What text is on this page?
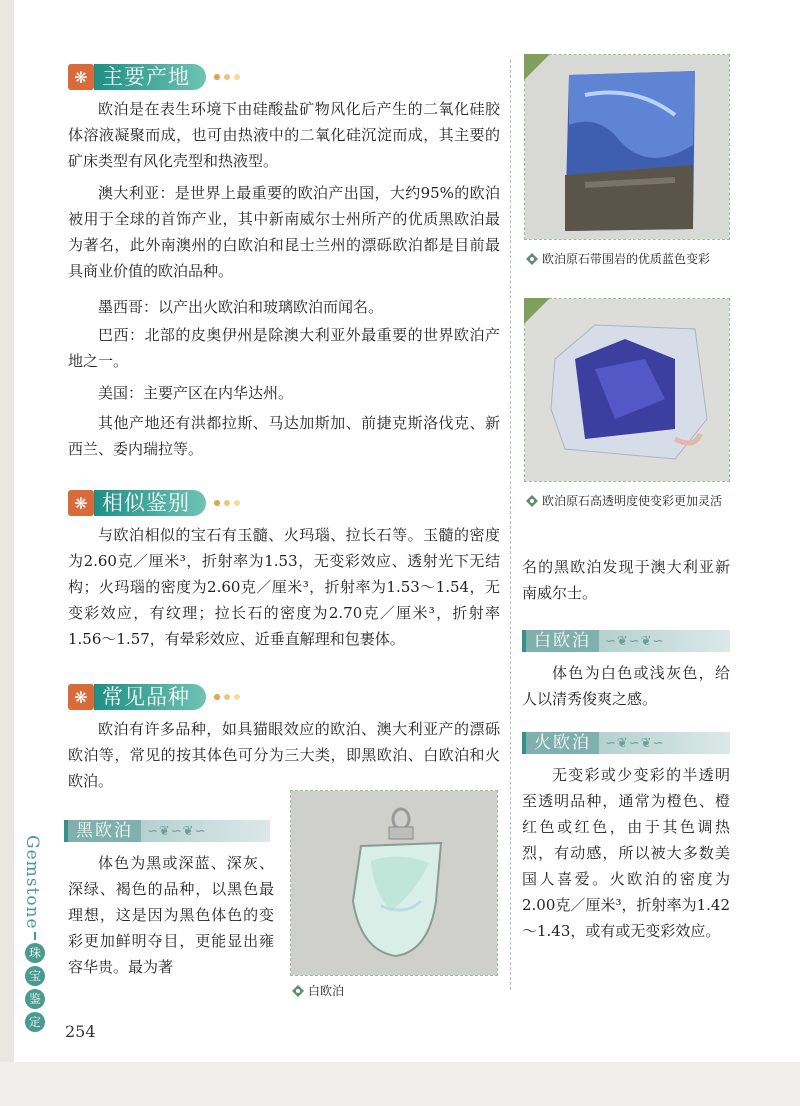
❋ 主要产地

欧泊是在表生环境下由硅酸盐矿物风化后产生的二氧化硅胶体溶液凝聚而成，也可由热液中的二氧化硅沉淀而成，其主要的矿床类型有风化壳型和热液型。

澳大利亚：是世界上最重要的欧泊产出国，大约95%的欧泊被用于全球的首饰产业，其中新南威尔士州所产的优质黑欧泊最为著名，此外南澳州的白欧泊和昆士兰州的漂砾欧泊都是目前最具商业价值的欧泊品种。

墨西哥：以产出火欧泊和玻璃欧泊而闻名。

巴西：北部的皮奥伊州是除澳大利亚外最重要的世界欧泊产地之一。

美国：主要产区在内华达州。

其他产地还有洪都拉斯、马达加斯加、前捷克斯洛伐克、新西兰、委内瑞拉等。

❋ 相似鉴别

与欧泊相似的宝石有玉髓、火玛瑙、拉长石等。玉髓的密度为2.60克／厘米³，折射率为1.53，无变彩效应、透射光下无结构；火玛瑙的密度为2.60克／厘米³，折射率为1.53～1.54，无变彩效应，有纹理；拉长石的密度为2.70克／厘米³，折射率1.56～1.57，有晕彩效应、近垂直解理和包裹体。

❋ 常见品种

欧泊有许多品种，如具猫眼效应的欧泊、澳大利亚产的漂砾欧泊等，常见的按其体色可分为三大类，即黑欧泊、白欧泊和火欧泊。

黑欧泊	∽❦∽❦∽

体色为黑或深蓝、深灰、深绿、褐色的品种，以黑色最理想，这是因为黑色体色的变彩更加鲜明夺目，更能显出雍容华贵。最为著

白欧泊
欧泊原石带围岩的优质蓝色变彩
欧泊原石高透明度使变彩更加灵活

名的黑欧泊发现于澳大利亚新南威尔士。

白欧泊	∽❦∽❦∽

体色为白色或浅灰色，给人以清秀俊爽之感。

火欧泊	∽❦∽❦∽

无变彩或少变彩的半透明至透明品种，通常为橙色、橙红色或红色，由于其色调热烈，有动感，所以被大多数美国人喜爱。火欧泊的密度为2.00克／厘米³，折射率为1.42～1.43，或有或无变彩效应。

Gemstone
珠
宝
鉴
定
254
